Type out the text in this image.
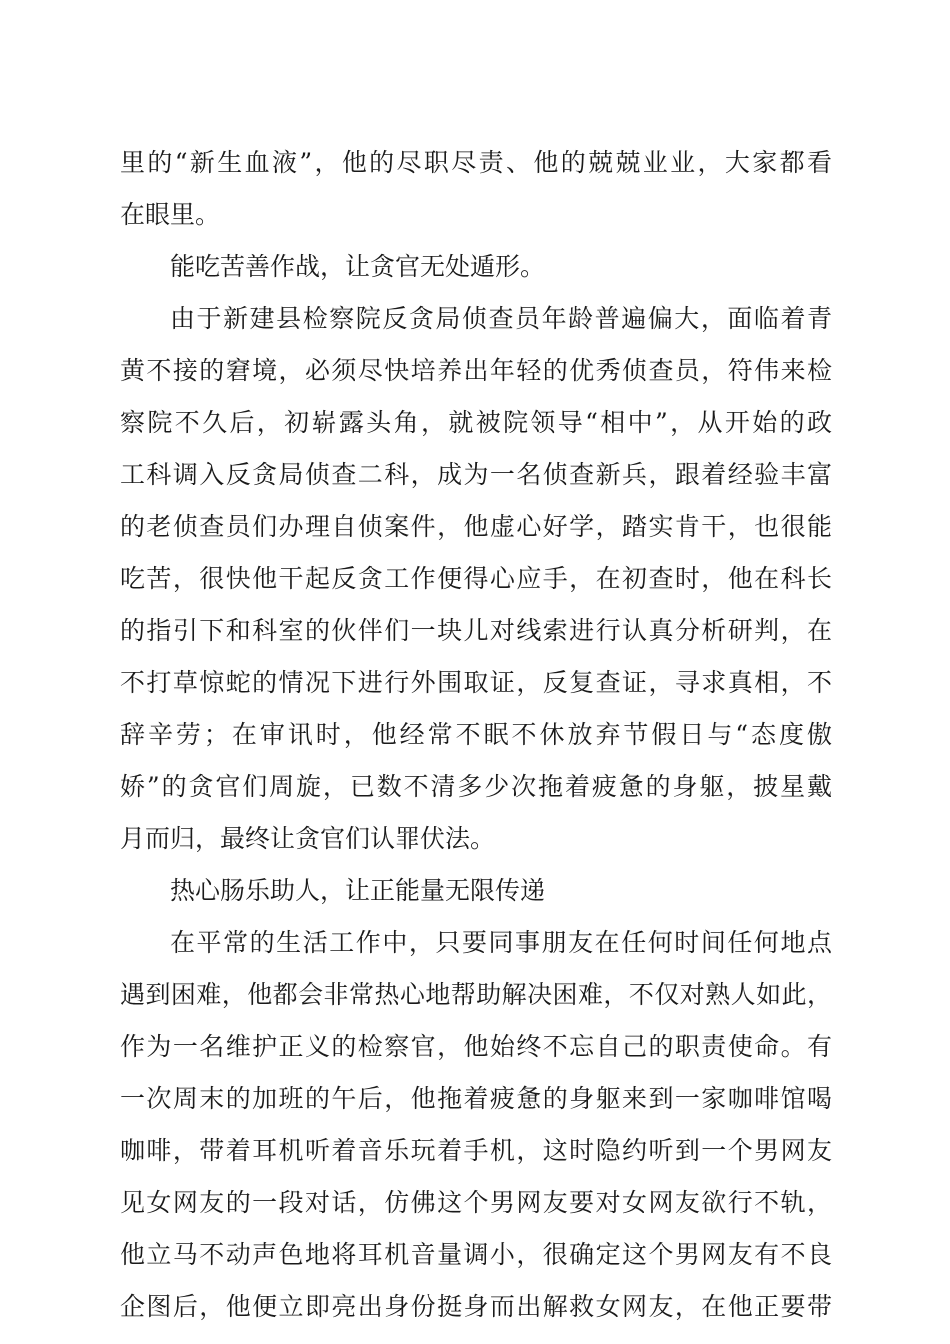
里的“新生血液”，他的尽职尽责、他的兢兢业业，大家都看
在眼里。
能吃苦善作战，让贪官无处遁形。
由于新建县检察院反贪局侦查员年龄普遍偏大，面临着青
黄不接的窘境，必须尽快培养出年轻的优秀侦查员，符伟来检
察院不久后，初崭露头角，就被院领导“相中”，从开始的政
工科调入反贪局侦查二科，成为一名侦查新兵，跟着经验丰富
的老侦查员们办理自侦案件，他虚心好学，踏实肯干，也很能
吃苦，很快他干起反贪工作便得心应手，在初查时，他在科长
的指引下和科室的伙伴们一块儿对线索进行认真分析研判，在
不打草惊蛇的情况下进行外围取证，反复查证，寻求真相，不
辞辛劳；在审讯时，他经常不眠不休放弃节假日与“态度傲
娇”的贪官们周旋，已数不清多少次拖着疲惫的身躯，披星戴
月而归，最终让贪官们认罪伏法。
热心肠乐助人，让正能量无限传递
在平常的生活工作中，只要同事朋友在任何时间任何地点
遇到困难，他都会非常热心地帮助解决困难，不仅对熟人如此，
作为一名维护正义的检察官，他始终不忘自己的职责使命。有
一次周末的加班的午后，他拖着疲惫的身躯来到一家咖啡馆喝
咖啡，带着耳机听着音乐玩着手机，这时隐约听到一个男网友
见女网友的一段对话，仿佛这个男网友要对女网友欲行不轨，
他立马不动声色地将耳机音量调小，很确定这个男网友有不良
企图后，他便立即亮出身份挺身而出解救女网友，在他正要带
